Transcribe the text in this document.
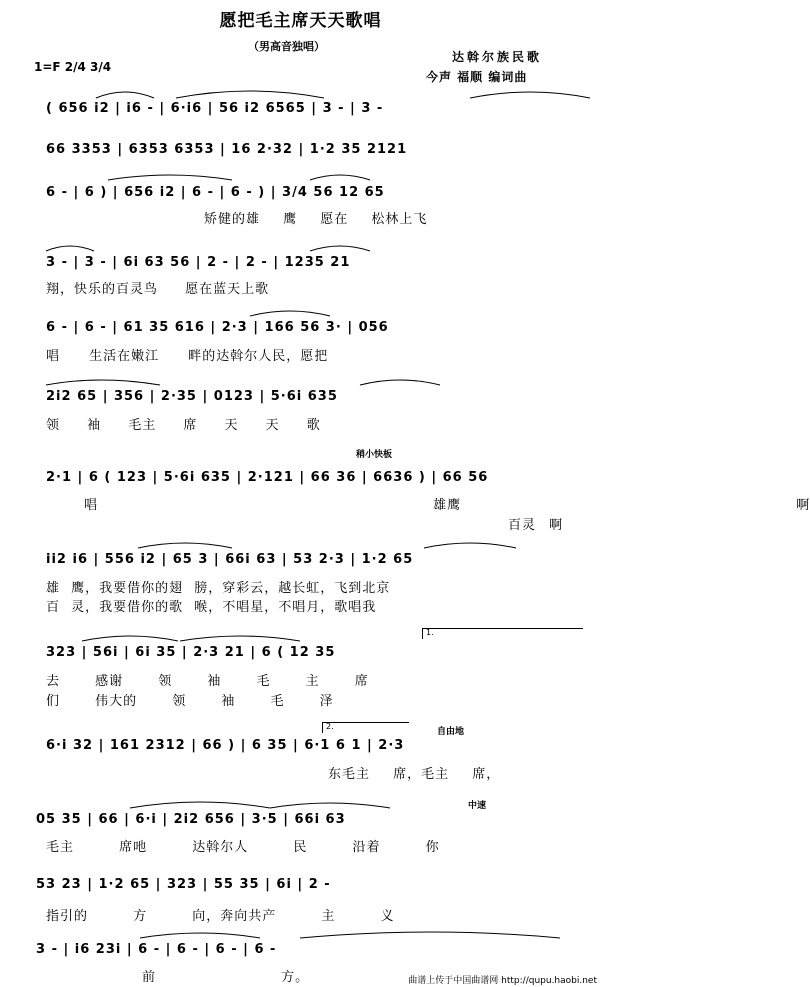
愿把毛主席天天歌唱
（男高音独唱）
1=F 2/4 3/4
达斡尔族民歌
今声 福顺 编词曲
稍小快板
自由地
中速
( 656 i2 | i6 - | 6·i6 | 56 i2 6565 | 3 - | 3 -
66 3353 | 6353 6353 | 16 2·32 | 1·2 35 2121
6 - | 6 ) | 656 i2 | 6 - | 6 - ) | 3/4 56 12 65
矫健的雄 鹰 愿在 松林上飞
3 - | 3 - | 6i 63 56 | 2 - | 2 - | 1235 21
翔，快乐的百灵鸟 愿在蓝天上歌
6 - | 6 - | 61 35 616 | 2·3 | 166 56 3· | 056
唱 生活在嫩江 畔的达斡尔人民，愿把
2i2 65 | 356 | 2·35 | 0123 | 5·6i 635
领 袖 毛主 席 天 天 歌
2·1 | 6 ( 123 | 5·6i 635 | 2·121 | 66 36 | 6636 ) | 66 56
唱 雄鹰 啊
百灵 啊
ii2 i6 | 556 i2 | 65 3 | 66i 63 | 53 2·3 | 1·2 65
雄 鹰，我要借你的翅 膀，穿彩云，越长虹，飞到北京
百 灵，我要借你的歌 喉，不唱星，不唱月，歌唱我
323 | 56i | 6i 35 | 2·3 21 | 6 ( 12 35
去 感谢 领 袖 毛 主 席
们 伟大的 领 袖 毛 泽
6·i 32 | 161 2312 | 66 ) | 6 35 | 6·1 6 1 | 2·3
东毛主 席，毛主 席，
05 35 | 66 | 6·i | 2i2 656 | 3·5 | 66i 63
毛主 席吔 达斡尔人 民 沿着 你
53 23 | 1·2 65 | 323 | 55 35 | 6i | 2 -
指引的 方 向，奔向共产 主 义
3 - | i6 23i | 6 - | 6 - | 6 - | 6 -
前 方。
1.
2.
曲谱上传于中国曲谱网 http://qupu.haobi.net
